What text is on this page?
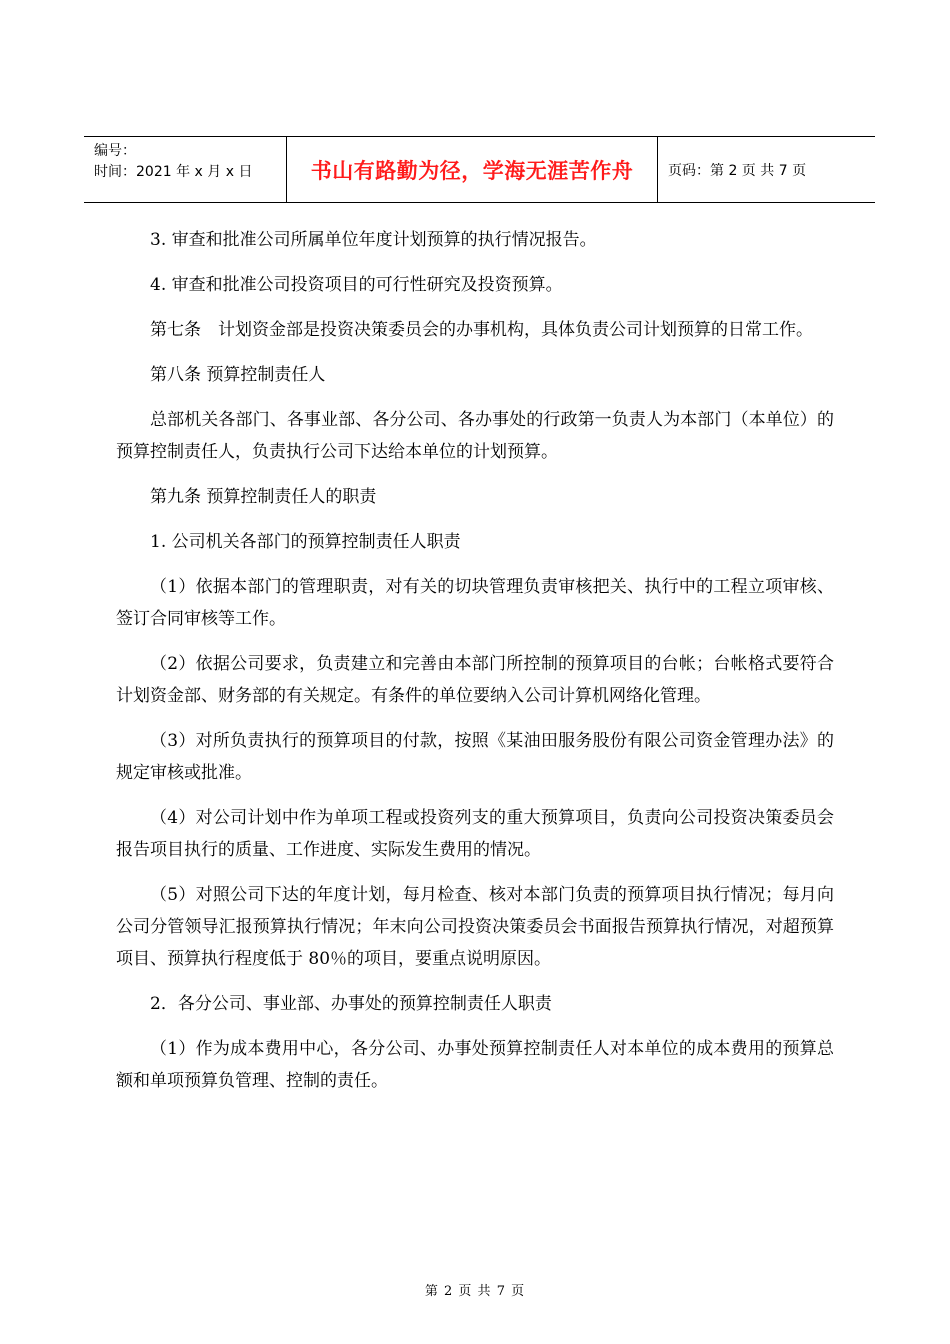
编号：
时间：2021 年 x 月 x 日	书山有路勤为径，学海无涯苦作舟	页码：第 2 页 共 7 页

3. 审查和批准公司所属单位年度计划预算的执行情况报告。

4. 审查和批准公司投资项目的可行性研究及投资预算。

第七条　计划资金部是投资决策委员会的办事机构，具体负责公司计划预算的日常工作。

第八条 预算控制责任人

总部机关各部门、各事业部、各分公司、各办事处的行政第一负责人为本部门（本单位）的预算控制责任人，负责执行公司下达给本单位的计划预算。

第九条 预算控制责任人的职责

1. 公司机关各部门的预算控制责任人职责

（1）依据本部门的管理职责，对有关的切块管理负责审核把关、执行中的工程立项审核、签订合同审核等工作。

（2）依据公司要求，负责建立和完善由本部门所控制的预算项目的台帐；台帐格式要符合计划资金部、财务部的有关规定。有条件的单位要纳入公司计算机网络化管理。

（3）对所负责执行的预算项目的付款，按照《某油田服务股份有限公司资金管理办法》的规定审核或批准。

（4）对公司计划中作为单项工程或投资列支的重大预算项目，负责向公司投资决策委员会报告项目执行的质量、工作进度、实际发生费用的情况。

（5）对照公司下达的年度计划，每月检查、核对本部门负责的预算项目执行情况；每月向公司分管领导汇报预算执行情况；年末向公司投资决策委员会书面报告预算执行情况，对超预算项目、预算执行程度低于 80％的项目，要重点说明原因。

2．各分公司、事业部、办事处的预算控制责任人职责

（1）作为成本费用中心，各分公司、办事处预算控制责任人对本单位的成本费用的预算总额和单项预算负管理、控制的责任。

第 2 页 共 7 页
